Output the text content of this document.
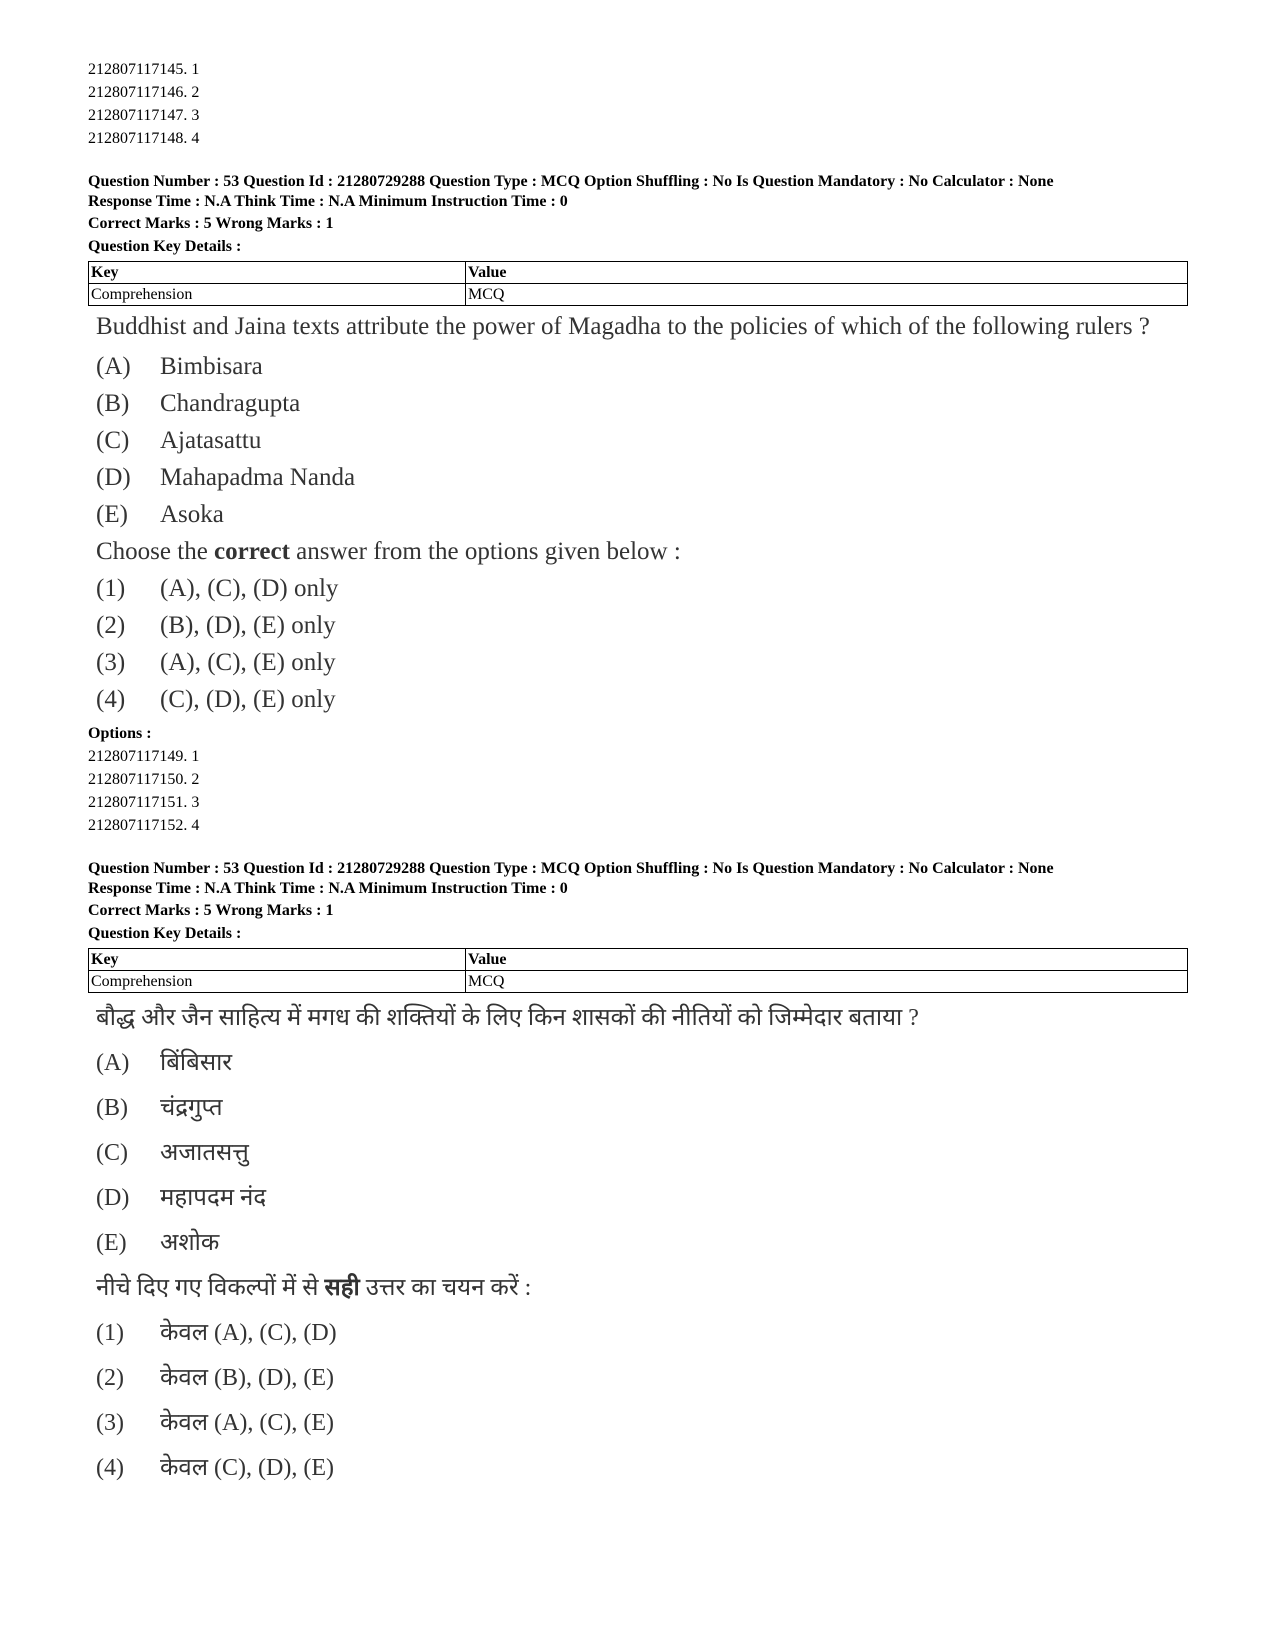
212807117145. 1
212807117146. 2
212807117147. 3
212807117148. 4
Question Number : 53 Question Id : 21280729288 Question Type : MCQ Option Shuffling : No Is Question Mandatory : No Calculator : None
Response Time : N.A Think Time : N.A Minimum Instruction Time : 0
Correct Marks : 5 Wrong Marks : 1
Question Key Details :
Key	Value
Comprehension	MCQ
Buddhist and Jaina texts attribute the power of Magadha to the policies of which of the following rulers ?
(A)	Bimbisara
(B)	Chandragupta
(C)	Ajatasattu
(D)	Mahapadma Nanda
(E)	Asoka
Choose the correct answer from the options given below :
(1)	(A), (C), (D) only
(2)	(B), (D), (E) only
(3)	(A), (C), (E) only
(4)	(C), (D), (E) only
Options :
212807117149. 1
212807117150. 2
212807117151. 3
212807117152. 4
Question Number : 53 Question Id : 21280729288 Question Type : MCQ Option Shuffling : No Is Question Mandatory : No Calculator : None
Response Time : N.A Think Time : N.A Minimum Instruction Time : 0
Correct Marks : 5 Wrong Marks : 1
Question Key Details :
Key	Value
Comprehension	MCQ
बौद्ध और जैन साहित्य में मगध की शक्तियों के लिए किन शासकों की नीतियों को जिम्मेदार बताया ?
(A)	बिंबिसार
(B)	चंद्रगुप्त
(C)	अजातसत्तु
(D)	महापदम नंद
(E)	अशोक
नीचे दिए गए विकल्पों में से सही उत्तर का चयन करें :
(1)	केवल (A), (C), (D)
(2)	केवल (B), (D), (E)
(3)	केवल (A), (C), (E)
(4)	केवल (C), (D), (E)
